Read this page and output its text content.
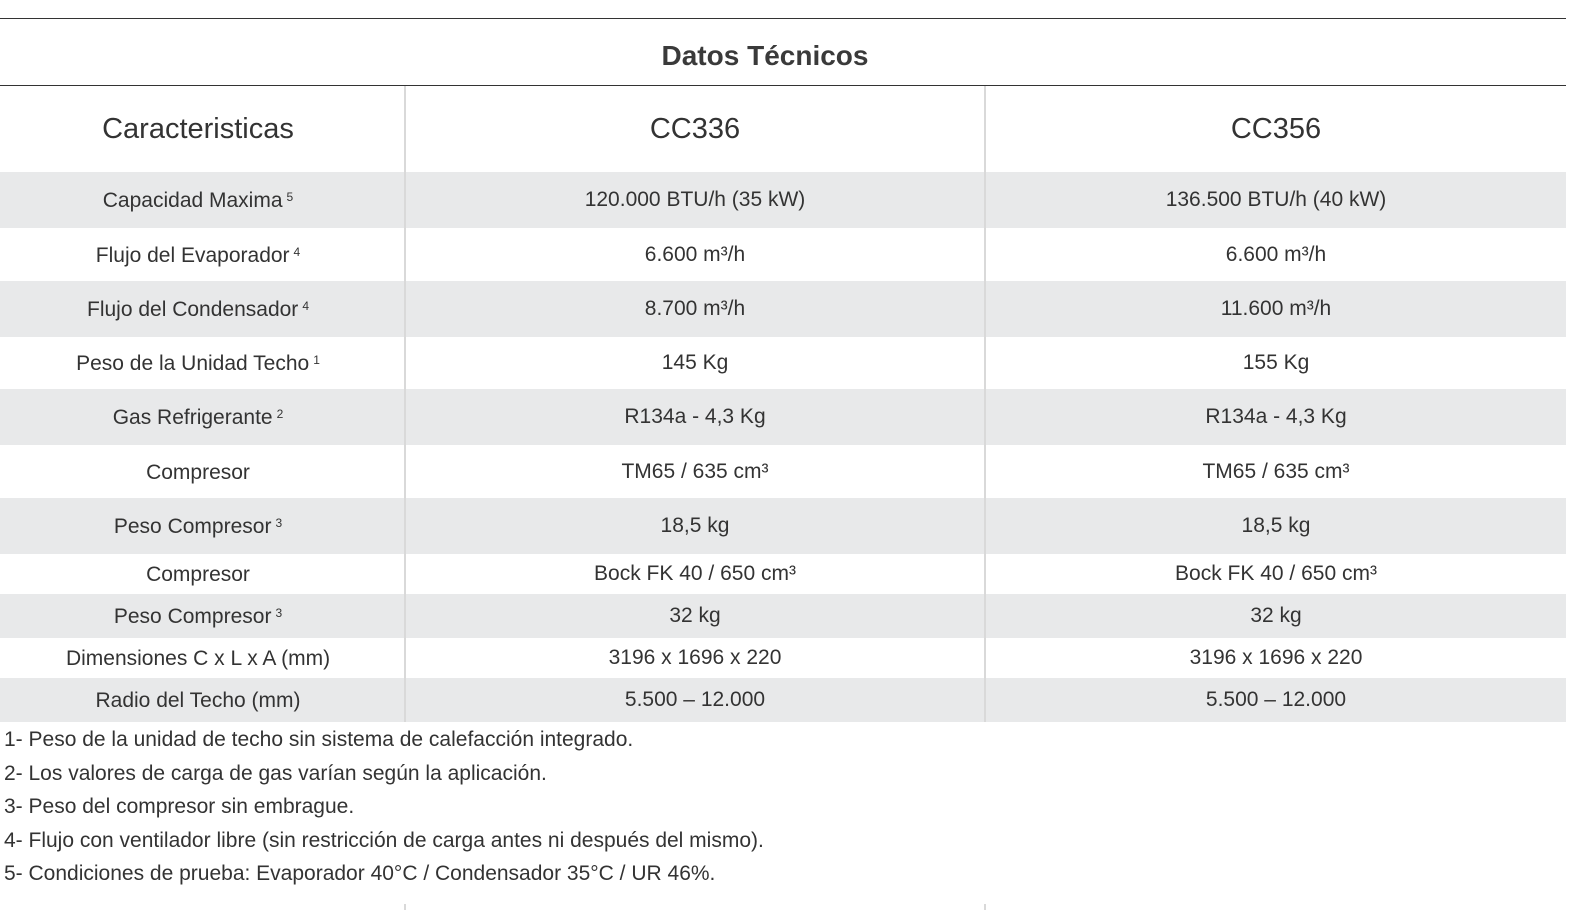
Datos Técnicos
Caracteristicas	CC336	CC356
Capacidad Maxima $^5$	120.000 BTU/h (35 kW)	136.500 BTU/h (40 kW)
Flujo del Evaporador $^4$	6.600 m³/h	6.600 m³/h
Flujo del Condensador $^4$	8.700 m³/h	11.600 m³/h
Peso de la Unidad Techo $^1$	145 Kg	155 Kg
Gas Refrigerante $^2$	R134a - 4,3 Kg	R134a - 4,3 Kg
Compresor	TM65 / 635 cm³	TM65 / 635 cm³
Peso Compresor $^3$	18,5 kg	18,5 kg
Compresor	Bock FK 40 / 650 cm³	Bock FK 40 / 650 cm³
Peso Compresor $^3$	32 kg	32 kg
Dimensiones C x L x A (mm)	3196 x 1696 x 220	3196 x 1696 x 220
Radio del Techo (mm)	5.500 – 12.000	5.500 – 12.000
1- Peso de la unidad de techo sin sistema de calefacción integrado.
2- Los valores de carga de gas varían según la aplicación.
3- Peso del compresor sin embrague.
4- Flujo con ventilador libre (sin restricción de carga antes ni después del mismo).
5- Condiciones de prueba: Evaporador 40°C / Condensador 35°C / UR 46%.
